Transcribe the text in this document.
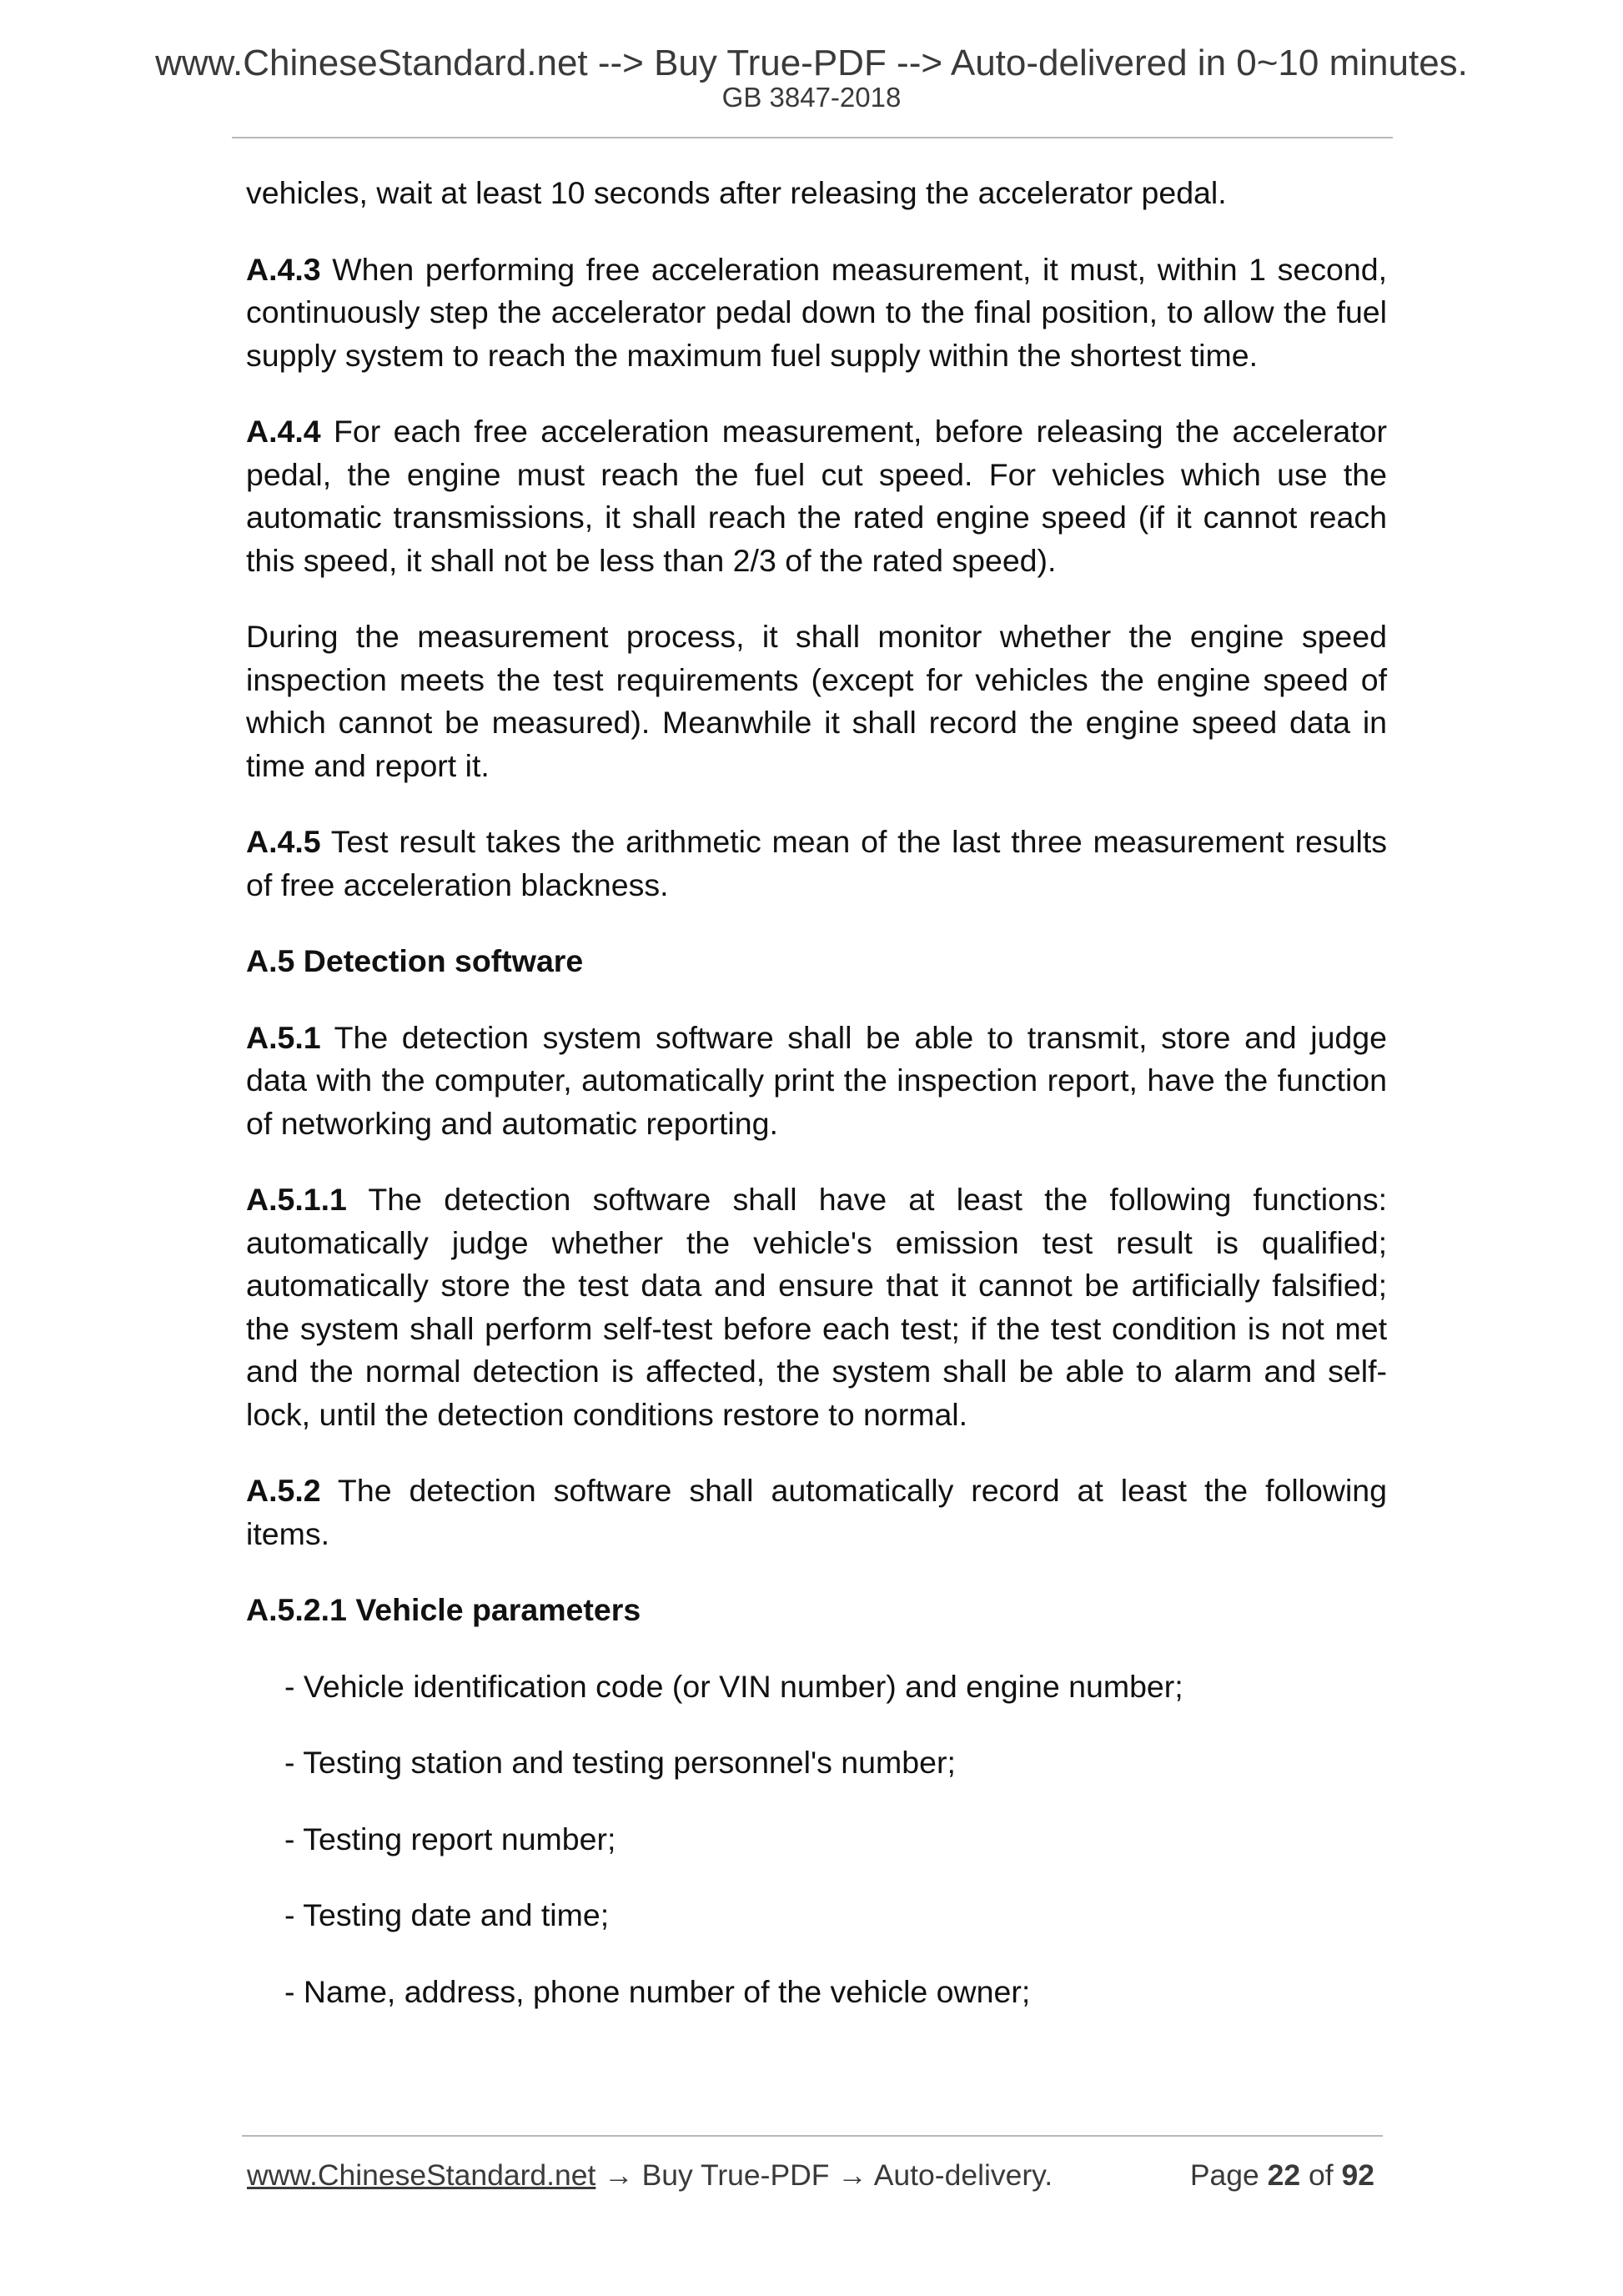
www.ChineseStandard.net --> Buy True-PDF --> Auto-delivered in 0~10 minutes.
GB 3847-2018

vehicles, wait at least 10 seconds after releasing the accelerator pedal.

A.4.3 When performing free acceleration measurement, it must, within 1 second, continuously step the accelerator pedal down to the final position, to allow the fuel supply system to reach the maximum fuel supply within the shortest time.

A.4.4 For each free acceleration measurement, before releasing the accelerator pedal, the engine must reach the fuel cut speed. For vehicles which use the automatic transmissions, it shall reach the rated engine speed (if it cannot reach this speed, it shall not be less than 2/3 of the rated speed).

During the measurement process, it shall monitor whether the engine speed inspection meets the test requirements (except for vehicles the engine speed of which cannot be measured). Meanwhile it shall record the engine speed data in time and report it.

A.4.5 Test result takes the arithmetic mean of the last three measurement results of free acceleration blackness.

A.5 Detection software

A.5.1 The detection system software shall be able to transmit, store and judge data with the computer, automatically print the inspection report, have the function of networking and automatic reporting.

A.5.1.1 The detection software shall have at least the following functions: automatically judge whether the vehicle's emission test result is qualified; automatically store the test data and ensure that it cannot be artificially falsified; the system shall perform self-test before each test; if the test condition is not met and the normal detection is affected, the system shall be able to alarm and self-lock, until the detection conditions restore to normal.

A.5.2 The detection software shall automatically record at least the following items.

A.5.2.1 Vehicle parameters
- Vehicle identification code (or VIN number) and engine number;
- Testing station and testing personnel's number;
- Testing report number;
- Testing date and time;
- Name, address, phone number of the vehicle owner;
www.ChineseStandard.net → Buy True-PDF → Auto-delivery.	Page 22 of 92
